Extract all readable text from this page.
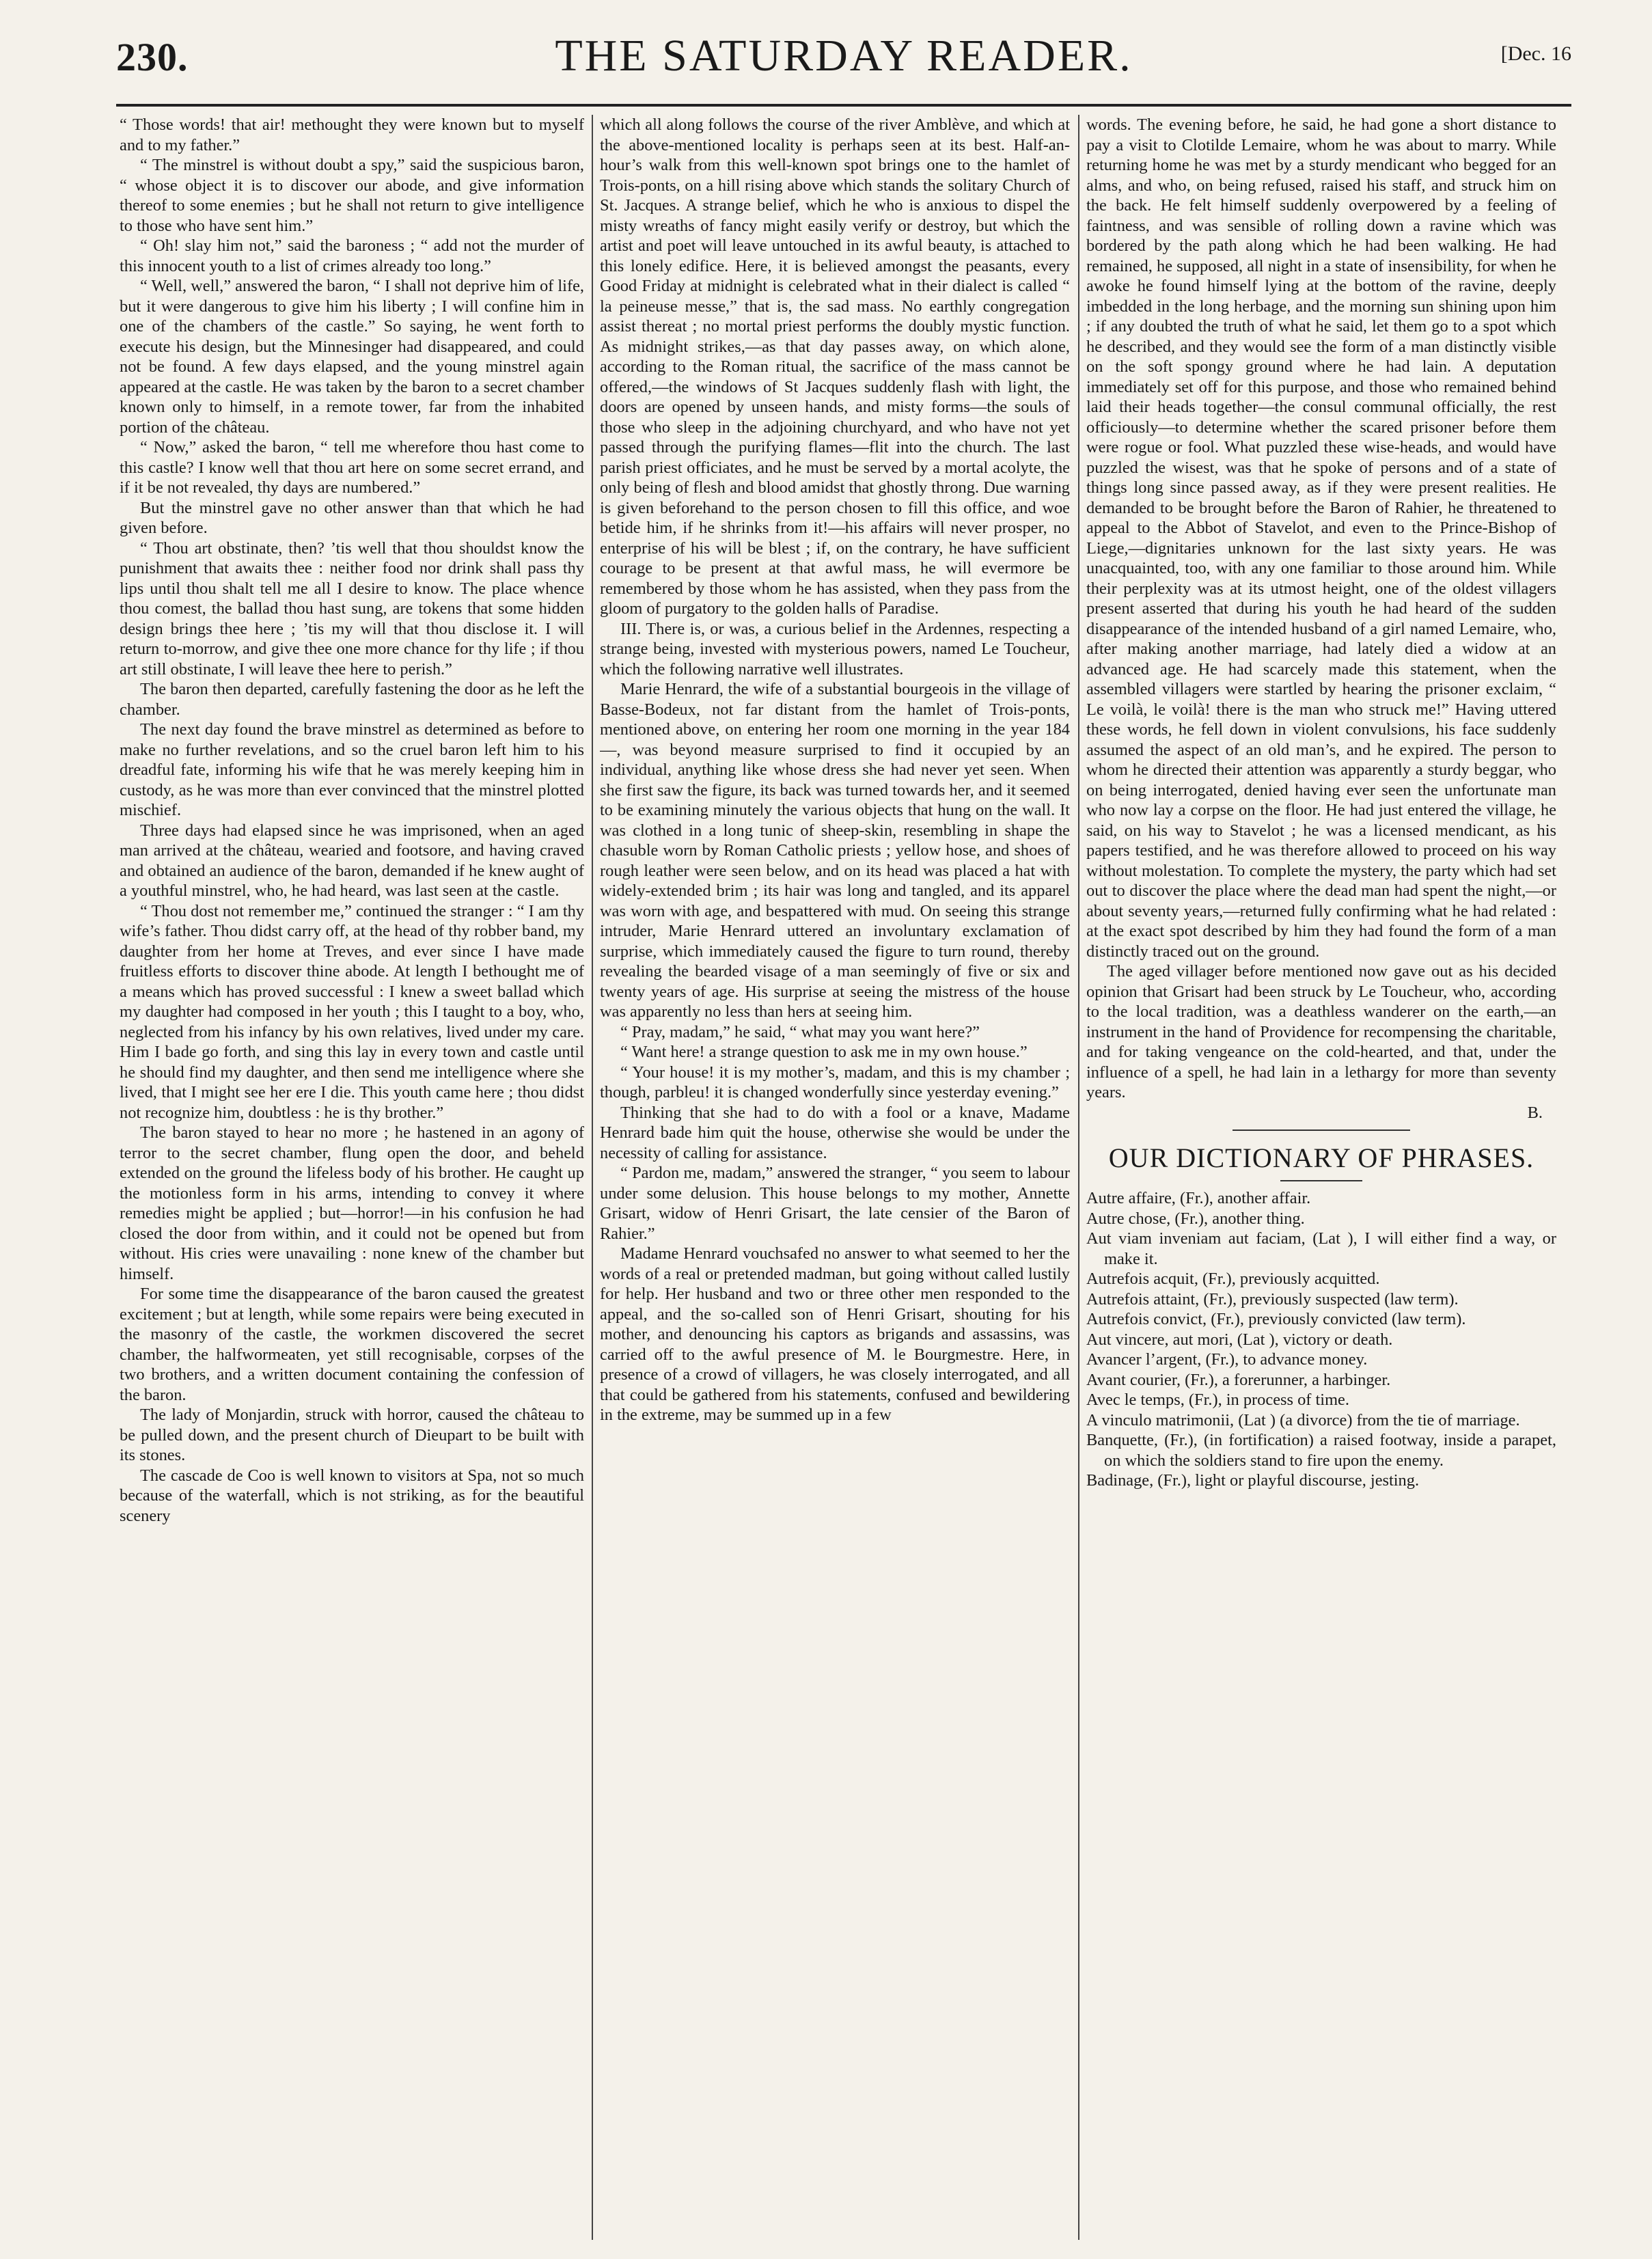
230.	THE SATURDAY READER.	[Dec. 16

“ Those words! that air! methought they were known but to myself and to my father.”

“ The minstrel is without doubt a spy,” said the suspicious baron, “ whose object it is to discover our abode, and give information thereof to some enemies ; but he shall not return to give intelligence to those who have sent him.”

“ Oh! slay him not,” said the baroness ; “ add not the murder of this innocent youth to a list of crimes already too long.”

“ Well, well,” answered the baron, “ I shall not deprive him of life, but it were dangerous to give him his liberty ; I will confine him in one of the chambers of the castle.” So saying, he went forth to execute his design, but the Minnesinger had disappeared, and could not be found. A few days elapsed, and the young minstrel again appeared at the castle. He was taken by the baron to a secret chamber known only to himself, in a remote tower, far from the inhabited portion of the château.

“ Now,” asked the baron, “ tell me wherefore thou hast come to this castle? I know well that thou art here on some secret errand, and if it be not revealed, thy days are numbered.”

But the minstrel gave no other answer than that which he had given before.

“ Thou art obstinate, then? ’tis well that thou shouldst know the punishment that awaits thee : neither food nor drink shall pass thy lips until thou shalt tell me all I desire to know. The place whence thou comest, the ballad thou hast sung, are tokens that some hidden design brings thee here ; ’tis my will that thou disclose it. I will return to-morrow, and give thee one more chance for thy life ; if thou art still obstinate, I will leave thee here to perish.”

The baron then departed, carefully fastening the door as he left the chamber.

The next day found the brave minstrel as determined as before to make no further revelations, and so the cruel baron left him to his dreadful fate, informing his wife that he was merely keeping him in custody, as he was more than ever convinced that the minstrel plotted mischief.

Three days had elapsed since he was imprisoned, when an aged man arrived at the château, wearied and footsore, and having craved and obtained an audience of the baron, demanded if he knew aught of a youthful minstrel, who, he had heard, was last seen at the castle.

“ Thou dost not remember me,” continued the stranger : “ I am thy wife’s father. Thou didst carry off, at the head of thy robber band, my daughter from her home at Treves, and ever since I have made fruitless efforts to discover thine abode. At length I bethought me of a means which has proved successful : I knew a sweet ballad which my daughter had composed in her youth ; this I taught to a boy, who, neglected from his infancy by his own relatives, lived under my care. Him I bade go forth, and sing this lay in every town and castle until he should find my daughter, and then send me intelligence where she lived, that I might see her ere I die. This youth came here ; thou didst not recognize him, doubtless : he is thy brother.”

The baron stayed to hear no more ; he hastened in an agony of terror to the secret chamber, flung open the door, and beheld extended on the ground the lifeless body of his brother. He caught up the motionless form in his arms, intending to convey it where remedies might be applied ; but—horror!—in his confusion he had closed the door from within, and it could not be opened but from without. His cries were unavailing : none knew of the chamber but himself.

For some time the disappearance of the baron caused the greatest excitement ; but at length, while some repairs were being executed in the masonry of the castle, the workmen discovered the secret chamber, the halfwormeaten, yet still recognisable, corpses of the two brothers, and a written document containing the confession of the baron.

The lady of Monjardin, struck with horror, caused the château to be pulled down, and the present church of Dieupart to be built with its stones.

The cascade de Coo is well known to visitors at Spa, not so much because of the waterfall, which is not striking, as for the beautiful scenery

which all along follows the course of the river Amblève, and which at the above-mentioned locality is perhaps seen at its best. Half-an-hour’s walk from this well-known spot brings one to the hamlet of Trois-ponts, on a hill rising above which stands the solitary Church of St. Jacques. A strange belief, which he who is anxious to dispel the misty wreaths of fancy might easily verify or destroy, but which the artist and poet will leave untouched in its awful beauty, is attached to this lonely edifice. Here, it is believed amongst the peasants, every Good Friday at midnight is celebrated what in their dialect is called “ la peineuse messe,” that is, the sad mass. No earthly congregation assist thereat ; no mortal priest performs the doubly mystic function. As midnight strikes,—as that day passes away, on which alone, according to the Roman ritual, the sacrifice of the mass cannot be offered,—the windows of St Jacques suddenly flash with light, the doors are opened by unseen hands, and misty forms—the souls of those who sleep in the adjoining churchyard, and who have not yet passed through the purifying flames—flit into the church. The last parish priest officiates, and he must be served by a mortal acolyte, the only being of flesh and blood amidst that ghostly throng. Due warning is given beforehand to the person chosen to fill this office, and woe betide him, if he shrinks from it!—his affairs will never prosper, no enterprise of his will be blest ; if, on the contrary, he have sufficient courage to be present at that awful mass, he will evermore be remembered by those whom he has assisted, when they pass from the gloom of purgatory to the golden halls of Paradise.

III. There is, or was, a curious belief in the Ardennes, respecting a strange being, invested with mysterious powers, named Le Toucheur, which the following narrative well illustrates.

Marie Henrard, the wife of a substantial bourgeois in the village of Basse-Bodeux, not far distant from the hamlet of Trois-ponts, mentioned above, on entering her room one morning in the year 184—, was beyond measure surprised to find it occupied by an individual, anything like whose dress she had never yet seen. When she first saw the figure, its back was turned towards her, and it seemed to be examining minutely the various objects that hung on the wall. It was clothed in a long tunic of sheep-skin, resembling in shape the chasuble worn by Roman Catholic priests ; yellow hose, and shoes of rough leather were seen below, and on its head was placed a hat with widely-extended brim ; its hair was long and tangled, and its apparel was worn with age, and bespattered with mud. On seeing this strange intruder, Marie Henrard uttered an involuntary exclamation of surprise, which immediately caused the figure to turn round, thereby revealing the bearded visage of a man seemingly of five or six and twenty years of age. His surprise at seeing the mistress of the house was apparently no less than hers at seeing him.

“ Pray, madam,” he said, “ what may you want here?”

“ Want here! a strange question to ask me in my own house.”

“ Your house! it is my mother’s, madam, and this is my chamber ; though, parbleu! it is changed wonderfully since yesterday evening.”

Thinking that she had to do with a fool or a knave, Madame Henrard bade him quit the house, otherwise she would be under the necessity of calling for assistance.

“ Pardon me, madam,” answered the stranger, “ you seem to labour under some delusion. This house belongs to my mother, Annette Grisart, widow of Henri Grisart, the late censier of the Baron of Rahier.”

Madame Henrard vouchsafed no answer to what seemed to her the words of a real or pretended madman, but going without called lustily for help. Her husband and two or three other men responded to the appeal, and the so-called son of Henri Grisart, shouting for his mother, and denouncing his captors as brigands and assassins, was carried off to the awful presence of M. le Bourgmestre. Here, in presence of a crowd of villagers, he was closely interrogated, and all that could be gathered from his statements, confused and bewildering in the extreme, may be summed up in a few

words. The evening before, he said, he had gone a short distance to pay a visit to Clotilde Lemaire, whom he was about to marry. While returning home he was met by a sturdy mendicant who begged for an alms, and who, on being refused, raised his staff, and struck him on the back. He felt himself suddenly overpowered by a feeling of faintness, and was sensible of rolling down a ravine which was bordered by the path along which he had been walking. He had remained, he supposed, all night in a state of insensibility, for when he awoke he found himself lying at the bottom of the ravine, deeply imbedded in the long herbage, and the morning sun shining upon him ; if any doubted the truth of what he said, let them go to a spot which he described, and they would see the form of a man distinctly visible on the soft spongy ground where he had lain. A deputation immediately set off for this purpose, and those who remained behind laid their heads together—the consul communal officially, the rest officiously—to determine whether the scared prisoner before them were rogue or fool. What puzzled these wise-heads, and would have puzzled the wisest, was that he spoke of persons and of a state of things long since passed away, as if they were present realities. He demanded to be brought before the Baron of Rahier, he threatened to appeal to the Abbot of Stavelot, and even to the Prince-Bishop of Liege,—dignitaries unknown for the last sixty years. He was unacquainted, too, with any one familiar to those around him. While their perplexity was at its utmost height, one of the oldest villagers present asserted that during his youth he had heard of the sudden disappearance of the intended husband of a girl named Lemaire, who, after making another marriage, had lately died a widow at an advanced age. He had scarcely made this statement, when the assembled villagers were startled by hearing the prisoner exclaim, “ Le voilà, le voilà! there is the man who struck me!” Having uttered these words, he fell down in violent convulsions, his face suddenly assumed the aspect of an old man’s, and he expired. The person to whom he directed their attention was apparently a sturdy beggar, who on being interrogated, denied having ever seen the unfortunate man who now lay a corpse on the floor. He had just entered the village, he said, on his way to Stavelot ; he was a licensed mendicant, as his papers testified, and he was therefore allowed to proceed on his way without molestation. To complete the mystery, the party which had set out to discover the place where the dead man had spent the night,—or about seventy years,—returned fully confirming what he had related : at the exact spot described by him they had found the form of a man distinctly traced out on the ground.

The aged villager before mentioned now gave out as his decided opinion that Grisart had been struck by Le Toucheur, who, according to the local tradition, was a deathless wanderer on the earth,—an instrument in the hand of Providence for recompensing the charitable, and for taking vengeance on the cold-hearted, and that, under the influence of a spell, he had lain in a lethargy for more than seventy years.

B.
OUR DICTIONARY OF PHRASES.

Autre affaire, (Fr.), another affair.

Autre chose, (Fr.), another thing.

Aut viam inveniam aut faciam, (Lat ), I will either find a way, or make it.

Autrefois acquit, (Fr.), previously acquitted.

Autrefois attaint, (Fr.), previously suspected (law term).

Autrefois convict, (Fr.), previously convicted (law term).

Aut vincere, aut mori, (Lat ), victory or death.

Avancer l’argent, (Fr.), to advance money.

Avant courier, (Fr.), a forerunner, a harbinger.

Avec le temps, (Fr.), in process of time.

A vinculo matrimonii, (Lat ) (a divorce) from the tie of marriage.

Banquette, (Fr.), (in fortification) a raised footway, inside a parapet, on which the soldiers stand to fire upon the enemy.

Badinage, (Fr.), light or playful discourse, jesting.
